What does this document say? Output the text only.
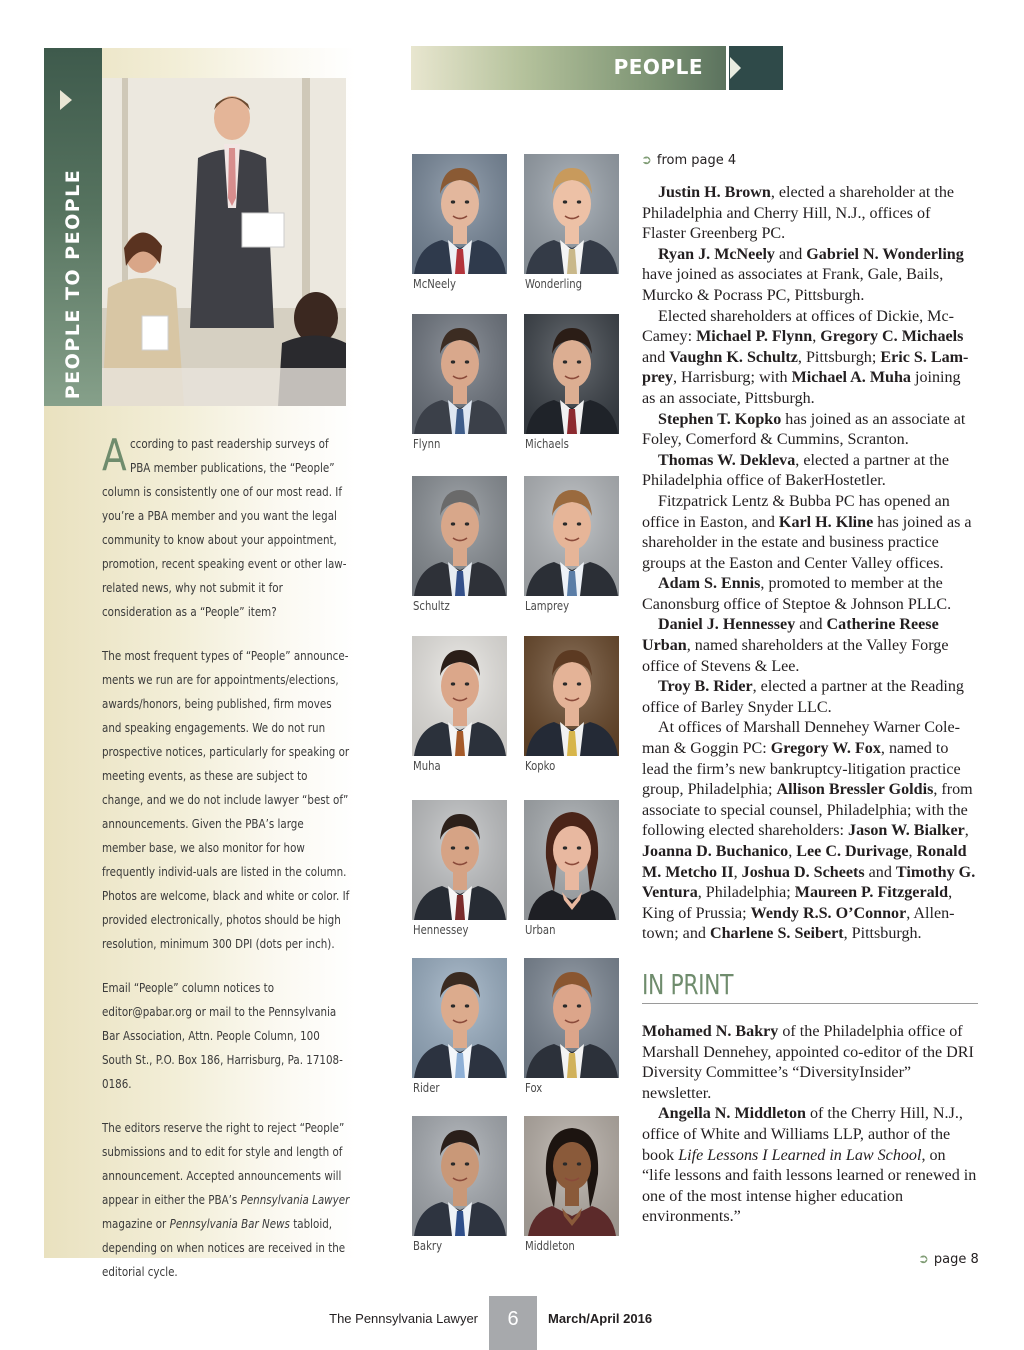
PEOPLE TO PEOPLE

According to past readership surveys of PBA member publications, the “People” column is consistently one of our most read. If you’re a PBA member and you want the legal community to know about your appointment, promotion, recent speaking event or other law-related news, why not submit it for consideration as a “People” item?

The most frequent types of “People” announce-ments we run are for appointments/elections, awards/honors, being published, firm moves and speaking engagements. We do not run prospective notices, particularly for speaking or meeting events, as these are subject to change, and we do not include lawyer “best of” announcements. Given the PBA’s large member base, we also monitor for how frequently individ-uals are listed in the column. Photos are welcome, black and white or color. If provided electronically, photos should be high resolution, minimum 300 DPI (dots per inch).

Email “People” column notices to editor@pabar.org or mail to the Pennsylvania Bar Association, Attn. People Column, 100 South St., P.O. Box 186, Harrisburg, Pa. 17108-0186.

The editors reserve the right to reject “People” submissions and to edit for style and length of announcement. Accepted announcements will appear in either the PBA’s Pennsylvania Lawyer magazine or Pennsylvania Bar News tabloid, depending on when notices are received in the editorial cycle.

PEOPLE
McNeely	Wonderling
Flynn	Michaels
Schultz	Lamprey
Muha	Kopko
Hennessey	Urban
Rider	Fox
Bakry	Middleton
➲ from page 4

Justin H. Brown, elected a shareholder at the Philadelphia and Cherry Hill, N.J., offices of Flaster Greenberg PC.

Ryan J. McNeely and Gabriel N. Wonderling have joined as associates at Frank, Gale, Bails, Murcko & Pocrass PC, Pittsburgh.

Elected shareholders at offices of Dickie, Mc-Camey: Michael P. Flynn, Gregory C. Michaels and Vaughn K. Schultz, Pittsburgh; Eric S. Lam-prey, Harrisburg; with Michael A. Muha joining as an associate, Pittsburgh.

Stephen T. Kopko has joined as an associate at Foley, Comerford & Cummins, Scranton.

Thomas W. Dekleva, elected a partner at the Philadelphia office of BakerHostetler.

Fitzpatrick Lentz & Bubba PC has opened an office in Easton, and Karl H. Kline has joined as a shareholder in the estate and business practice groups at the Easton and Center Valley offices.

Adam S. Ennis, promoted to member at the Canonsburg office of Steptoe & Johnson PLLC.

Daniel J. Hennessey and Catherine Reese Urban, named shareholders at the Valley Forge office of Stevens & Lee.

Troy B. Rider, elected a partner at the Reading office of Barley Snyder LLC.

At offices of Marshall Dennehey Warner Cole-man & Goggin PC: Gregory W. Fox, named to lead the firm’s new bankruptcy-litigation practice group, Philadelphia; Allison Bressler Goldis, from associate to special counsel, Philadelphia; with the following elected shareholders: Jason W. Bialker, Joanna D. Buchanico, Lee C. Durivage, Ronald M. Metcho II, Joshua D. Scheets and Timothy G. Ventura, Philadelphia; Maureen P. Fitzgerald, King of Prussia; Wendy R.S. O’Connor, Allen-town; and Charlene S. Seibert, Pittsburgh.

IN PRINT

Mohamed N. Bakry of the Philadelphia office of Marshall Dennehey, appointed co-editor of the DRI Diversity Committee’s “DiversityInsider” newsletter.

Angella N. Middleton of the Cherry Hill, N.J., office of White and Williams LLP, author of the book Life Lessons I Learned in Law School, on “life lessons and faith lessons learned or renewed in one of the most intense higher education environments.”

➲ page 8
The Pennsylvania Lawyer	6	March/April 2016
